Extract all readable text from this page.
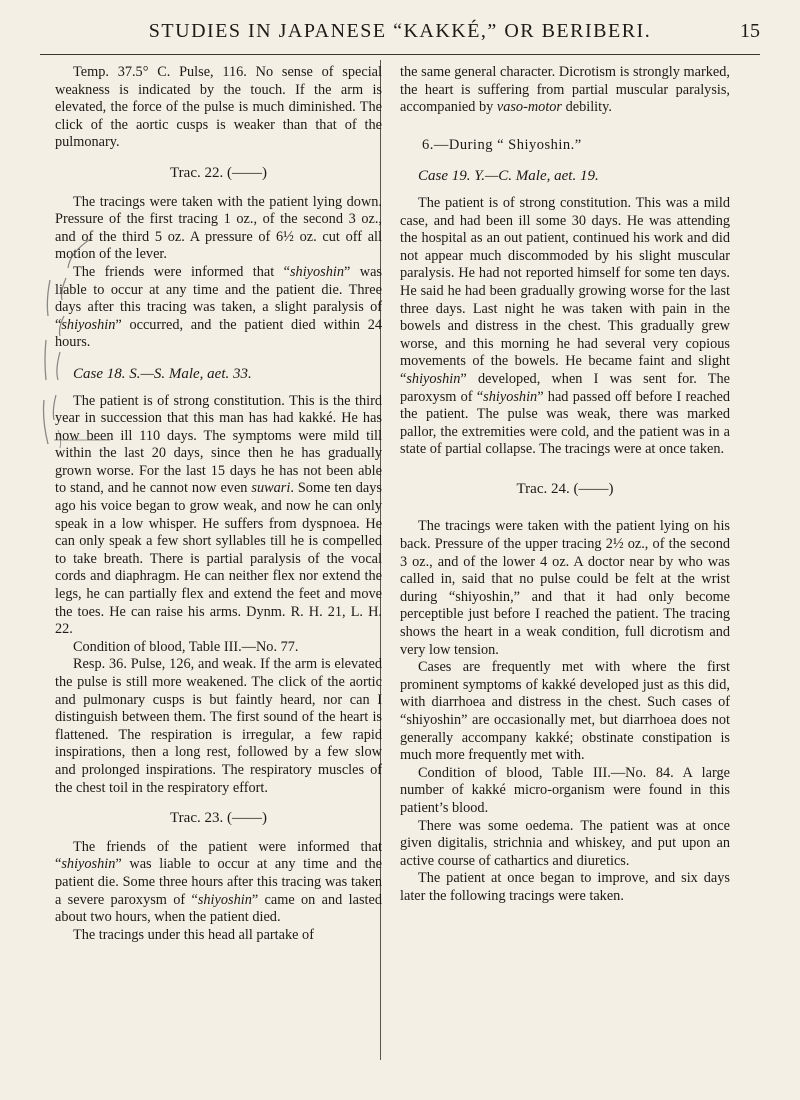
STUDIES IN JAPANESE “KAKKÉ,” OR BERIBERI.	15

Temp. 37.5° C. Pulse, 116. No sense of special weakness is indicated by the touch. If the arm is elevated, the force of the pulse is much diminished. The click of the aortic cusps is weaker than that of the pulmonary.

Trac. 22. (——)

The tracings were taken with the patient lying down. Pressure of the first tracing 1 oz., of the second 3 oz., and of the third 5 oz. A pressure of 6½ oz. cut off all motion of the lever.

The friends were informed that “shiyoshin” was liable to occur at any time and the patient die. Three days after this tracing was taken, a slight paralysis of “shiyoshin” occurred, and the patient died within 24 hours.

Case 18. S.—S. Male, aet. 33.

The patient is of strong constitution. This is the third year in succession that this man has had kakké. He has now been ill 110 days. The symptoms were mild till within the last 20 days, since then he has gradually grown worse. For the last 15 days he has not been able to stand, and he cannot now even suwari. Some ten days ago his voice began to grow weak, and now he can only speak in a low whisper. He suffers from dyspnoea. He can only speak a few short syllables till he is compelled to take breath. There is partial paralysis of the vocal cords and diaphragm. He can neither flex nor extend the legs, he can partially flex and extend the feet and move the toes. He can raise his arms. Dynm. R. H. 21, L. H. 22.

Condition of blood, Table III.—No. 77.

Resp. 36. Pulse, 126, and weak. If the arm is elevated the pulse is still more weakened. The click of the aortic and pulmonary cusps is but faintly heard, nor can I distinguish between them. The first sound of the heart is flattened. The respiration is irregular, a few rapid inspirations, then a long rest, followed by a few slow and prolonged inspirations. The respiratory muscles of the chest toil in the respiratory effort.

Trac. 23. (——)

The friends of the patient were informed that “shiyoshin” was liable to occur at any time and the patient die. Some three hours after this tracing was taken a severe paroxysm of “shiyoshin” came on and lasted about two hours, when the patient died.

The tracings under this head all partake of

the same general character. Dicrotism is strongly marked, the heart is suffering from partial muscular paralysis, accompanied by vaso-motor debility.

6.—During “ Shiyoshin.”

Case 19. Y.—C. Male, aet. 19.

The patient is of strong constitution. This was a mild case, and had been ill some 30 days. He was attending the hospital as an out patient, continued his work and did not appear much discommoded by his slight muscular paralysis. He had not reported himself for some ten days. He said he had been gradually growing worse for the last three days. Last night he was taken with pain in the bowels and distress in the chest. This gradually grew worse, and this morning he had several very copious movements of the bowels. He became faint and slight “shiyoshin” developed, when I was sent for. The paroxysm of “shiyoshin” had passed off before I reached the patient. The pulse was weak, there was marked pallor, the extremities were cold, and the patient was in a state of partial collapse. The tracings were at once taken.

Trac. 24. (——)

The tracings were taken with the patient lying on his back. Pressure of the upper tracing 2½ oz., of the second 3 oz., and of the lower 4 oz. A doctor near by who was called in, said that no pulse could be felt at the wrist during “shiyoshin,” and that it had only become perceptible just before I reached the patient. The tracing shows the heart in a weak condition, full dicrotism and very low tension.

Cases are frequently met with where the first prominent symptoms of kakké developed just as this did, with diarrhoea and distress in the chest. Such cases of “shiyoshin” are occasionally met, but diarrhoea does not generally accompany kakké; obstinate constipation is much more frequently met with.

Condition of blood, Table III.—No. 84. A large number of kakké micro-organism were found in this patient’s blood.

There was some oedema. The patient was at once given digitalis, strichnia and whiskey, and put upon an active course of cathartics and diuretics.

The patient at once began to improve, and six days later the following tracings were taken.
